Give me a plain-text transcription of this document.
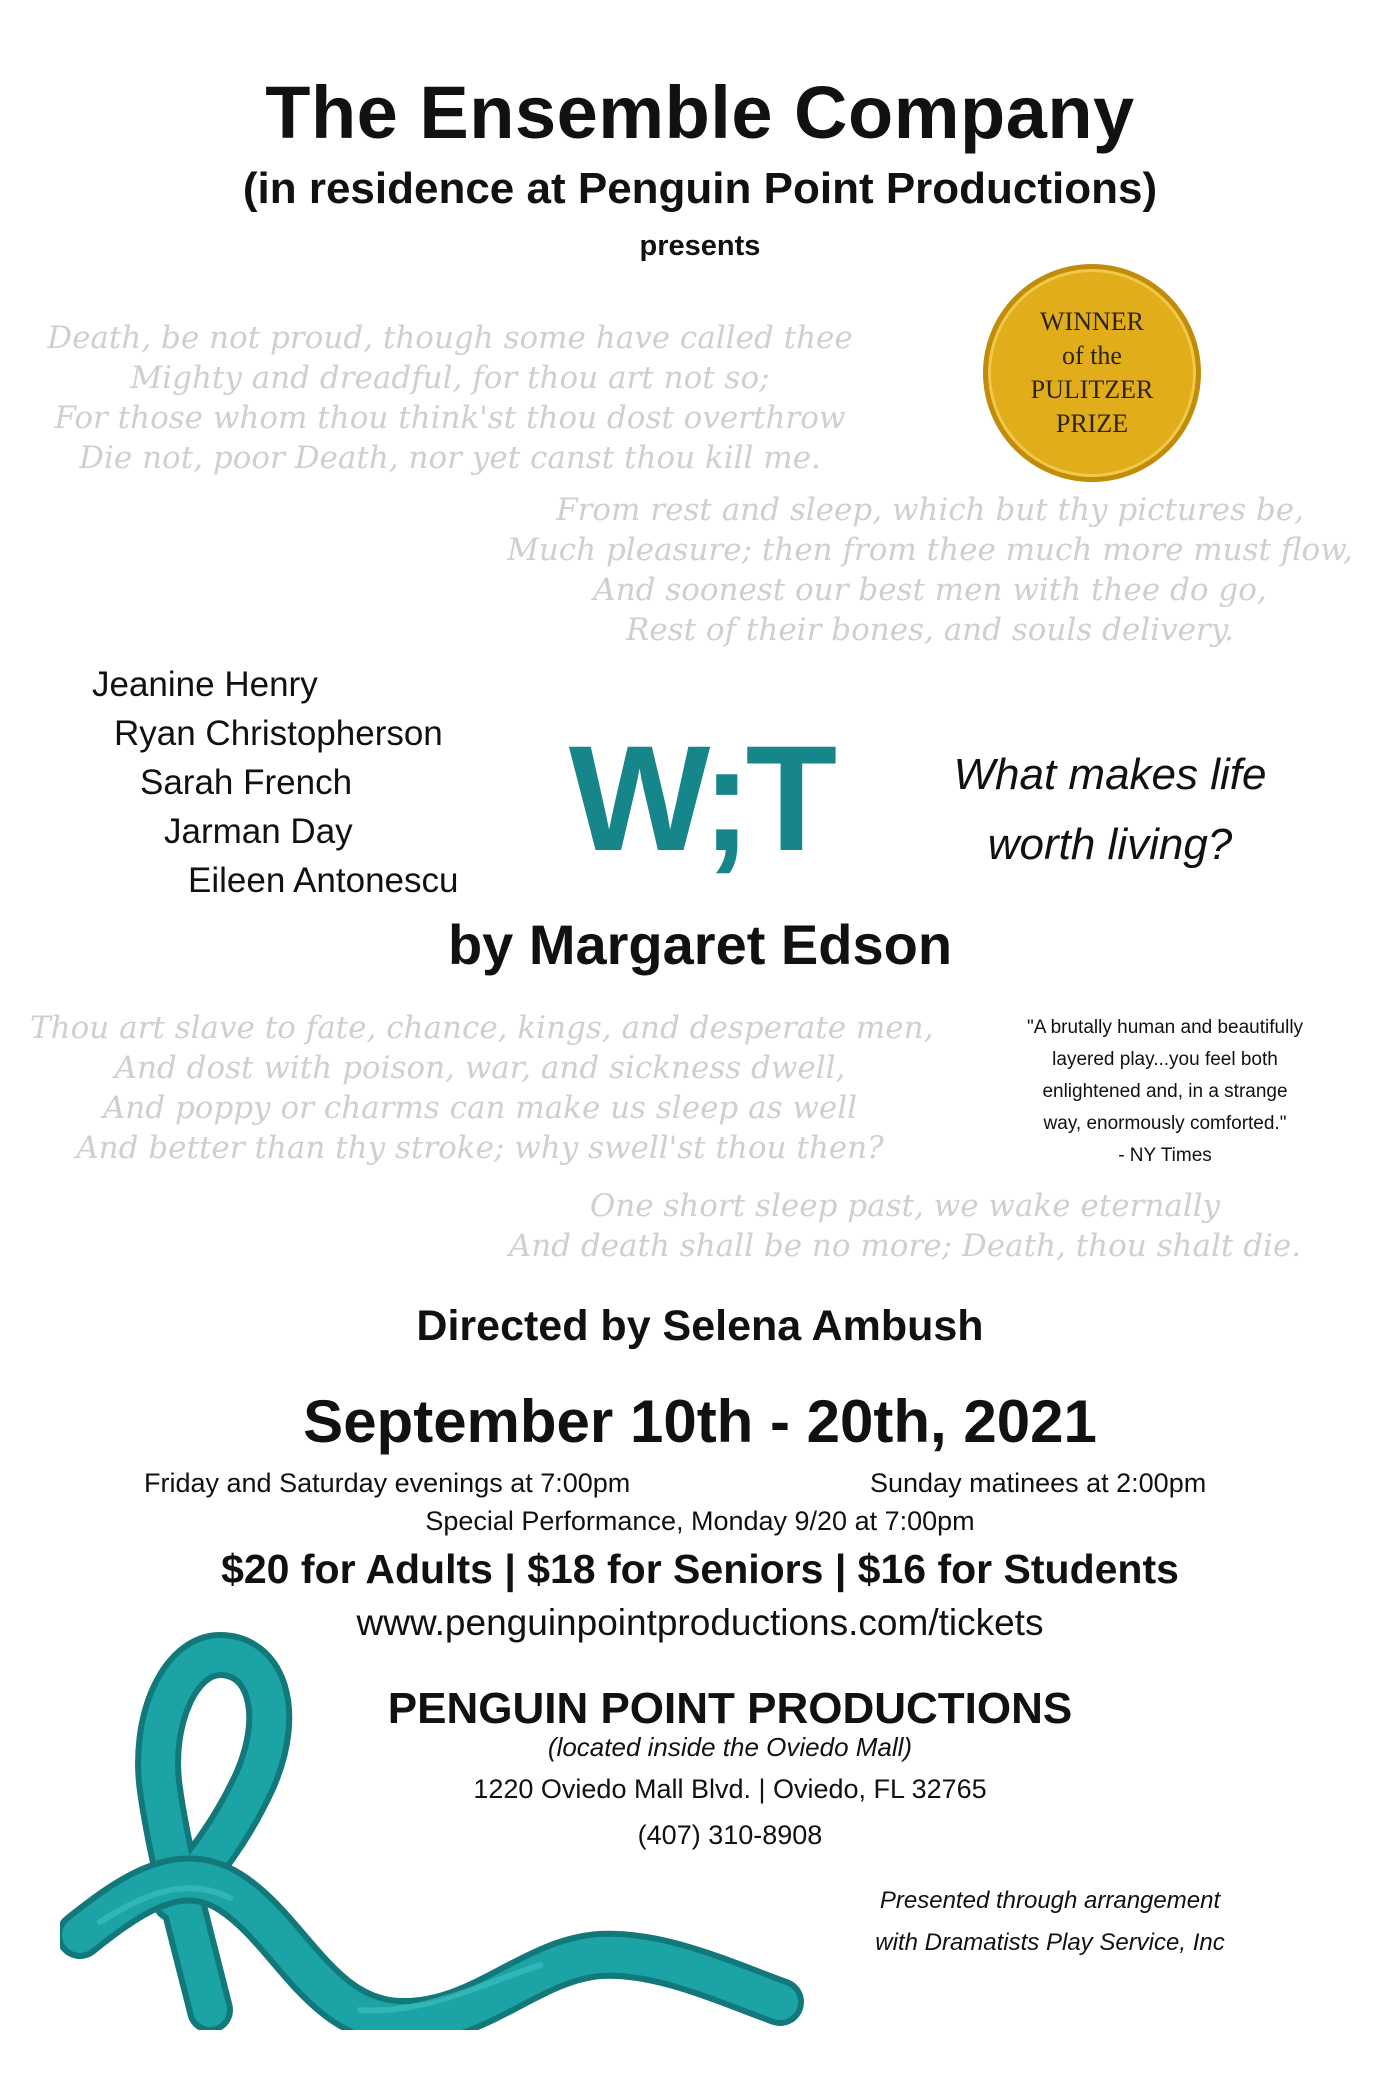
The Ensemble Company
(in residence at Penguin Point Productions)
presents
Death, be not proud, though some have called thee
Mighty and dreadful, for thou art not so;
For those whom thou think'st thou dost overthrow
Die not, poor Death, nor yet canst thou kill me.
WINNER
of the
PULITZER
PRIZE
From rest and sleep, which but thy pictures be,
Much pleasure; then from thee much more must flow,
And soonest our best men with thee do go,
Rest of their bones, and souls delivery.
Jeanine Henry
Ryan Christopherson
Sarah French
Jarman Day
Eileen Antonescu W;T	What makes life
worth living?
by Margaret Edson
Thou art slave to fate, chance, kings, and desperate men,
And dost with poison, war, and sickness dwell,
And poppy or charms can make us sleep as well
And better than thy stroke; why swell'st thou then?
"A brutally human and beautifully
layered play...you feel both
enlightened and, in a strange
way, enormously comforted."
- NY Times
One short sleep past, we wake eternally
And death shall be no more; Death, thou shalt die.
Directed by Selena Ambush
September 10th - 20th, 2021
Friday and Saturday evenings at 7:00pm	Sunday matinees at 2:00pm
Special Performance, Monday 9/20 at 7:00pm
$20 for Adults | $18 for Seniors | $16 for Students
www.penguinpointproductions.com/tickets
PENGUIN POINT PRODUCTIONS
(located inside the Oviedo Mall)
1220 Oviedo Mall Blvd. | Oviedo, FL 32765
(407) 310-8908
Presented through arrangement
with Dramatists Play Service, Inc
